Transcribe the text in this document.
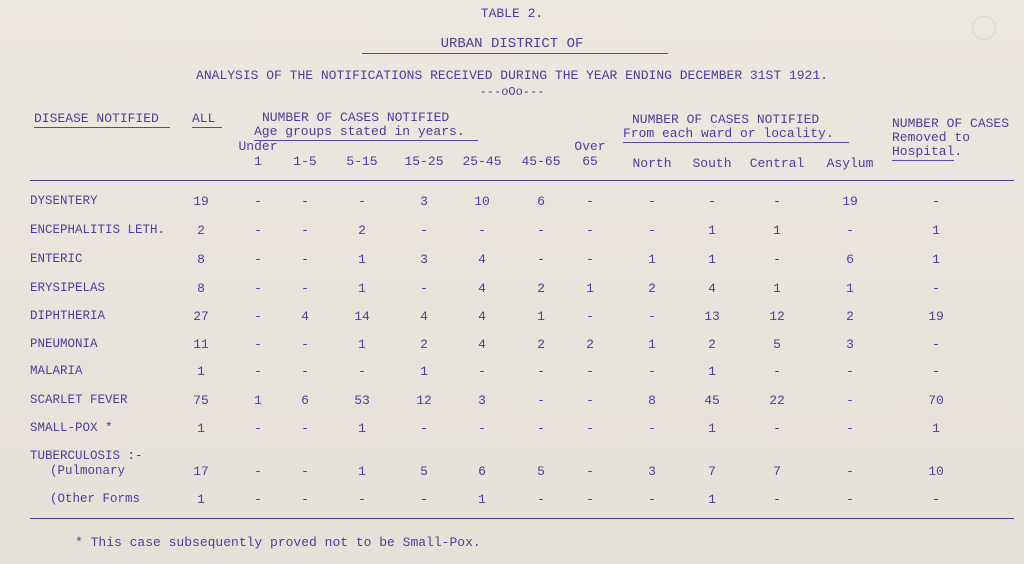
TABLE 2.
URBAN DISTRICT OF
ANALYSIS OF THE NOTIFICATIONS RECEIVED DURING THE YEAR ENDING DECEMBER 31ST 1921.
---oOo---
DISEASE NOTIFIED	ALL	NUMBER OF CASES NOTIFIED
Age groups stated in years.
NUMBER OF CASES NOTIFIED
From each ward or locality.
NUMBER OF CASES
Removed to
Hospital.
Under
1	1-5	5-15	15-25	25-45	45-65
Over
65	North	South	Central	Asylum
DYSENTERY	19	-	-	-	3	10	6	-	-	-	-	19	-
ENCEPHALITIS LETH.	2	-	-	2	-	-	-	-	-	1	1	-	1
ENTERIC	8	-	-	1	3	4	-	-	1	1	-	6	1
ERYSIPELAS	8	-	-	1	-	4	2	1	2	4	1	1	-
DIPHTHERIA	27	-	4	14	4	4	1	-	-	13	12	2	19
PNEUMONIA	11	-	-	1	2	4	2	2	1	2	5	3	-
MALARIA	1	-	-	-	1	-	-	-	-	1	-	-	-
SCARLET FEVER	75	1	6	53	12	3	-	-	8	45	22	-	70
SMALL-POX *	1	-	-	1	-	-	-	-	-	1	-	-	1
TUBERCULOSIS :-
(Pulmonary	17	-	-	1	5	6	5	-	3	7	7	-	10
(Other Forms	1	-	-	-	-	1	-	-	-	1	-	-	-
* This case subsequently proved not to be Small-Pox.
